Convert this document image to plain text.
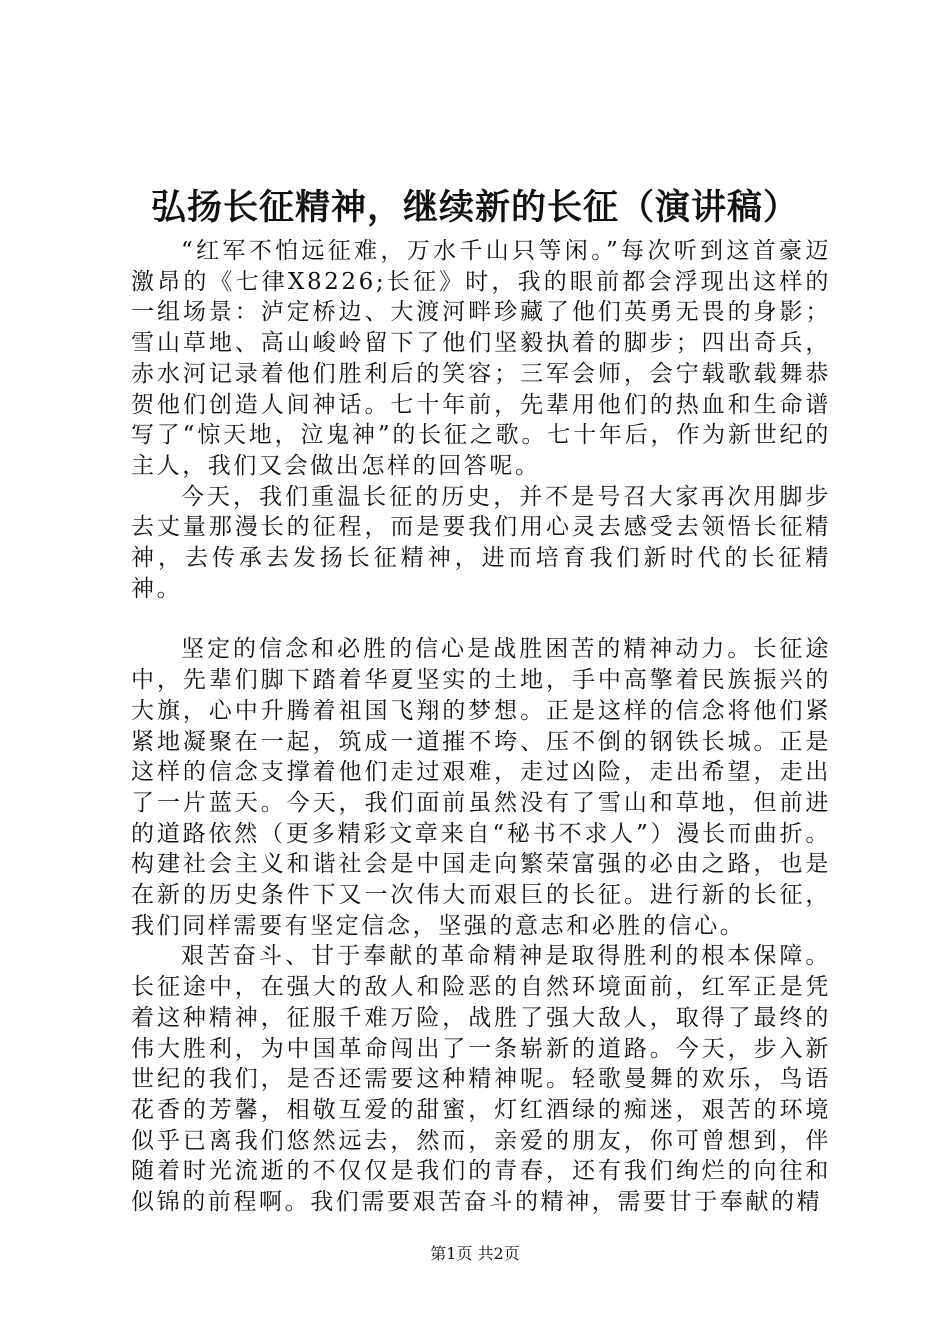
弘扬长征精神，继续新的长征（演讲稿）

“红军不怕远征难，万水千山只等闲。”每次听到这首豪迈激昂的《七律X8226;长征》时，我的眼前都会浮现出这样的一组场景：泸定桥边、大渡河畔珍藏了他们英勇无畏的身影；雪山草地、高山峻岭留下了他们坚毅执着的脚步；四出奇兵，赤水河记录着他们胜利后的笑容；三军会师，会宁载歌载舞恭贺他们创造人间神话。七十年前，先辈用他们的热血和生命谱写了“惊天地，泣鬼神”的长征之歌。七十年后，作为新世纪的主人，我们又会做出怎样的回答呢。

今天，我们重温长征的历史，并不是号召大家再次用脚步去丈量那漫长的征程，而是要我们用心灵去感受去领悟长征精神，去传承去发扬长征精神，进而培育我们新时代的长征精神。

坚定的信念和必胜的信心是战胜困苦的精神动力。长征途中，先辈们脚下踏着华夏坚实的土地，手中高擎着民族振兴的大旗，心中升腾着祖国飞翔的梦想。正是这样的信念将他们紧紧地凝聚在一起，筑成一道摧不垮、压不倒的钢铁长城。正是这样的信念支撑着他们走过艰难，走过凶险，走出希望，走出了一片蓝天。今天，我们面前虽然没有了雪山和草地，但前进的道路依然（更多精彩文章来自“秘书不求人”）漫长而曲折。构建社会主义和谐社会是中国走向繁荣富强的必由之路，也是在新的历史条件下又一次伟大而艰巨的长征。进行新的长征，我们同样需要有坚定信念，坚强的意志和必胜的信心。

艰苦奋斗、甘于奉献的革命精神是取得胜利的根本保障。长征途中，在强大的敌人和险恶的自然环境面前，红军正是凭着这种精神，征服千难万险，战胜了强大敌人，取得了最终的伟大胜利，为中国革命闯出了一条崭新的道路。今天，步入新世纪的我们，是否还需要这种精神呢。轻歌曼舞的欢乐，鸟语花香的芳馨，相敬互爱的甜蜜，灯红酒绿的痴迷，艰苦的环境似乎已离我们悠然远去，然而，亲爱的朋友，你可曾想到，伴随着时光流逝的不仅仅是我们的青春，还有我们绚烂的向往和似锦的前程啊。我们需要艰苦奋斗的精神，需要甘于奉献的精

第1页 共2页
